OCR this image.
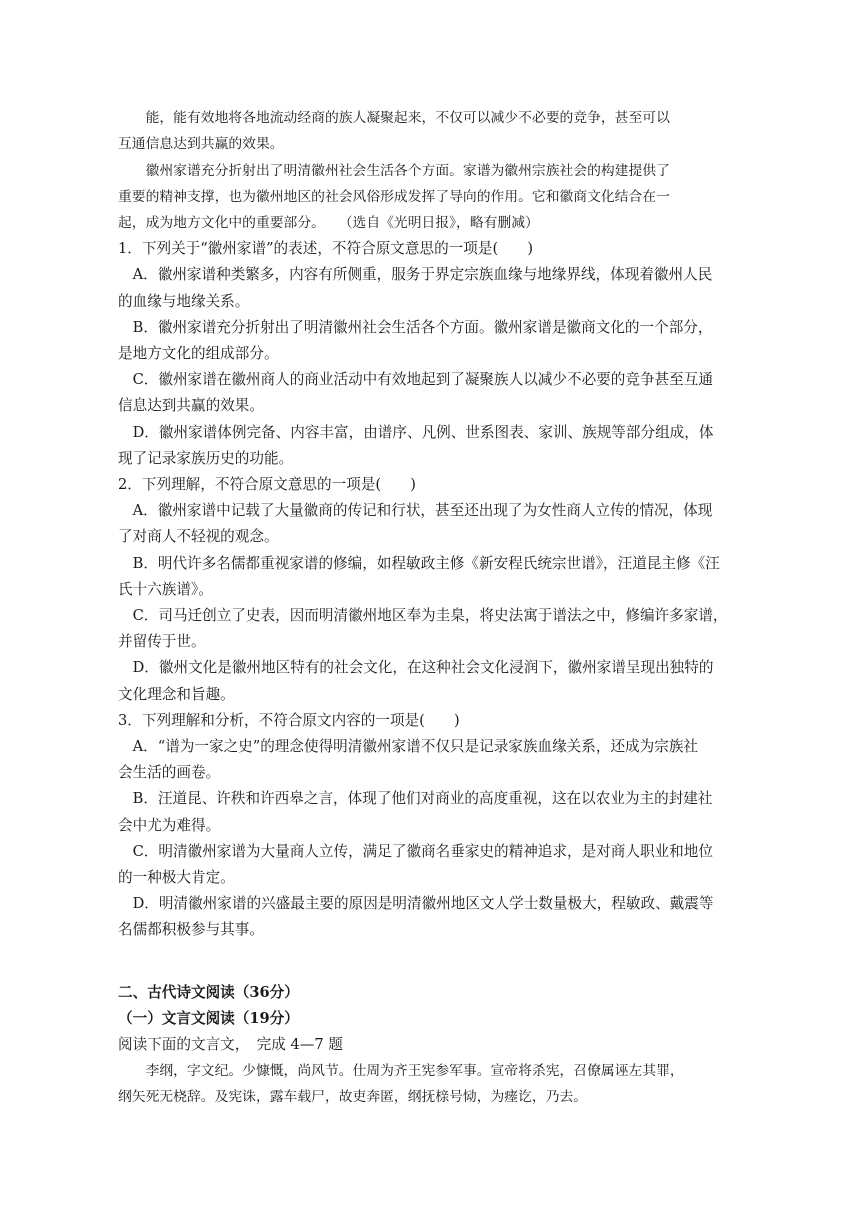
　　能，能有效地将各地流动经商的族人凝聚起来，不仅可以减少不必要的竞争，甚至可以
互通信息达到共赢的效果。
　　徽州家谱充分折射出了明清徽州社会生活各个方面。家谱为徽州宗族社会的构建提供了
重要的精神支撑，也为徽州地区的社会风俗形成发挥了导向的作用。它和徽商文化结合在一
起，成为地方文化中的重要部分。　　（选自《光明日报》，略有删减）
1．下列关于“徽州家谱”的表述，不符合原文意思的一项是(　　)
　A．徽州家谱种类繁多，内容有所侧重，服务于界定宗族血缘与地缘界线，体现着徽州人民
的血缘与地缘关系。
　B．徽州家谱充分折射出了明清徽州社会生活各个方面。徽州家谱是徽商文化的一个部分，
是地方文化的组成部分。
　C．徽州家谱在徽州商人的商业活动中有效地起到了凝聚族人以减少不必要的竞争甚至互通
信息达到共赢的效果。
　D．徽州家谱体例完备、内容丰富，由谱序、凡例、世系图表、家训、族规等部分组成，体
现了记录家族历史的功能。
2．下列理解，不符合原文意思的一项是(　　)
　A．徽州家谱中记载了大量徽商的传记和行状，甚至还出现了为女性商人立传的情况，体现
了对商人不轻视的观念。
　B．明代许多名儒都重视家谱的修编，如程敏政主修《新安程氏统宗世谱》，汪道昆主修《汪
氏十六族谱》。
　C．司马迁创立了史表，因而明清徽州地区奉为圭臬，将史法寓于谱法之中，修编许多家谱，
并留传于世。
　D．徽州文化是徽州地区特有的社会文化，在这种社会文化浸润下，徽州家谱呈现出独特的
文化理念和旨趣。
3．下列理解和分析，不符合原文内容的一项是(　　)
　A．“谱为一家之史”的理念使得明清徽州家谱不仅只是记录家族血缘关系，还成为宗族社
会生活的画卷。
　B．汪道昆、许秩和许西皋之言，体现了他们对商业的高度重视，这在以农业为主的封建社
会中尤为难得。
　C．明清徽州家谱为大量商人立传，满足了徽商名垂家史的精神追求，是对商人职业和地位
的一种极大肯定。
　D．明清徽州家谱的兴盛最主要的原因是明清徽州地区文人学士数量极大，程敏政、戴震等
名儒都积极参与其事。
二、古代诗文阅读（36分）
（一）文言文阅读（19分）
阅读下面的文言文，　完成 4—7 题
　　李纲，字文纪。少慷慨，尚风节。仕周为齐王宪参军事。宣帝将杀宪，召僚属诬左其罪，
纲矢死无桡辞。及宪诛，露车载尸，故吏奔匿，纲抚榇号恸，为瘗讫，乃去。
